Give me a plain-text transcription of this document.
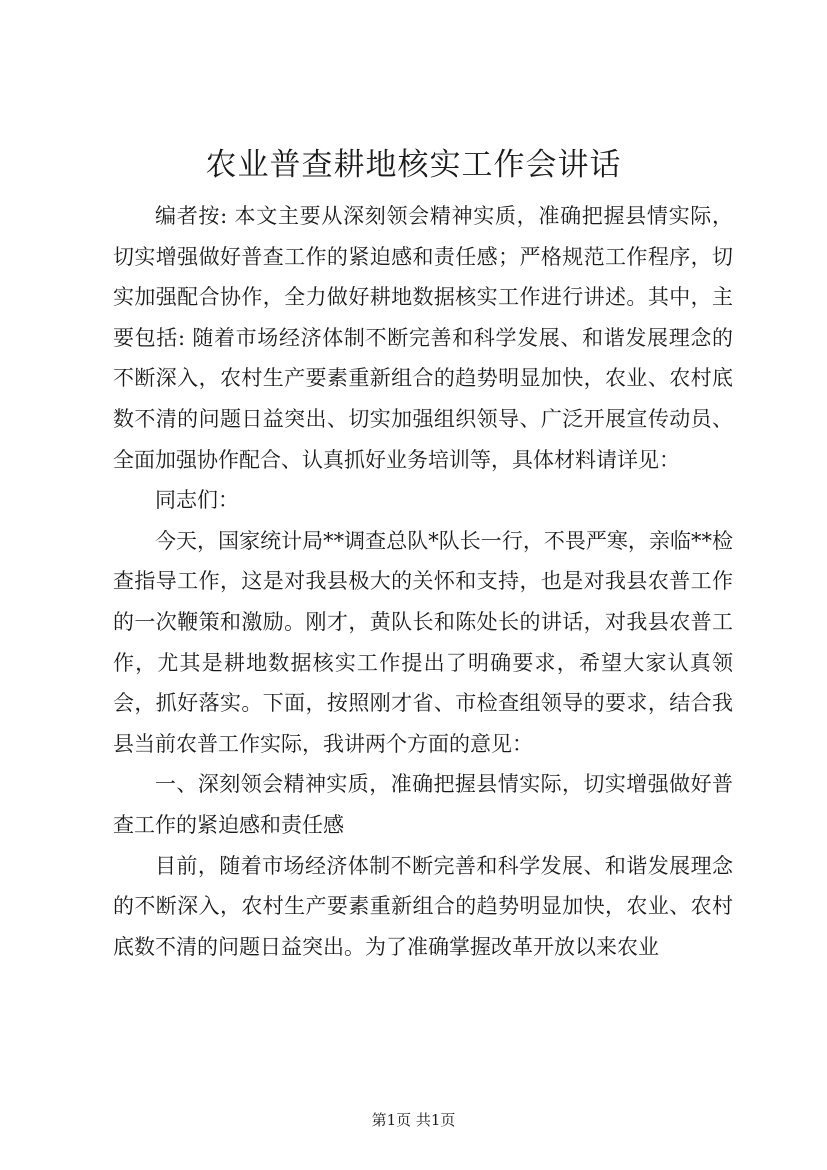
农业普查耕地核实工作会讲话

编者按: 本文主要从深刻领会精神实质，准确把握县情实际，切实增强做好普查工作的紧迫感和责任感；严格规范工作程序，切实加强配合协作，全力做好耕地数据核实工作进行讲述。其中，主要包括: 随着市场经济体制不断完善和科学发展、和谐发展理念的不断深入，农村生产要素重新组合的趋势明显加快，农业、农村底数不清的问题日益突出、切实加强组织领导、广泛开展宣传动员、全面加强协作配合、认真抓好业务培训等，具体材料请详见：

同志们：

今天，国家统计局**调查总队*队长一行，不畏严寒，亲临**检查指导工作，这是对我县极大的关怀和支持，也是对我县农普工作的一次鞭策和激励。刚才，黄队长和陈处长的讲话，对我县农普工作，尤其是耕地数据核实工作提出了明确要求，希望大家认真领会，抓好落实。下面，按照刚才省、市检查组领导的要求，结合我县当前农普工作实际，我讲两个方面的意见：

一、深刻领会精神实质，准确把握县情实际，切实增强做好普查工作的紧迫感和责任感

目前，随着市场经济体制不断完善和科学发展、和谐发展理念的不断深入，农村生产要素重新组合的趋势明显加快，农业、农村底数不清的问题日益突出。为了准确掌握改革开放以来农业

第1页 共1页
